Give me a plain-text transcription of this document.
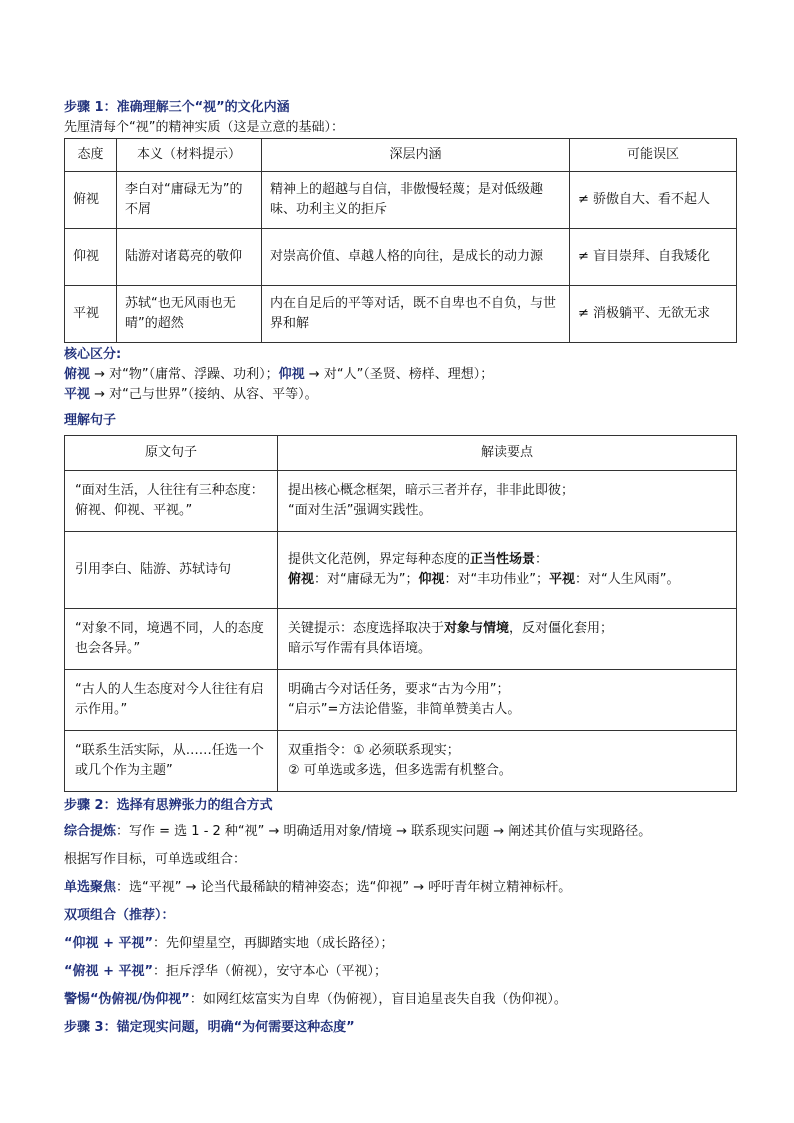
步骤 1：准确理解三个“视”的文化内涵
先厘清每个“视”的精神实质（这是立意的基础）：
态度	本义（材料提示）	深层内涵	可能误区
俯视	李白对“庸碌无为”的不屑	精神上的超越与自信，非傲慢轻蔑；是对低级趣味、功利主义的拒斥	≠ 骄傲自大、看不起人
仰视	陆游对诸葛亮的敬仰	对崇高价值、卓越人格的向往，是成长的动力源	≠ 盲目崇拜、自我矮化
平视	苏轼“也无风雨也无晴”的超然	内在自足后的平等对话，既不自卑也不自负，与世界和解	≠ 消极躺平、无欲无求
核心区分:
俯视 → 对“物”（庸常、浮躁、功利）；仰视 → 对“人”（圣贤、榜样、理想）；
平视 → 对“己与世界”（接纳、从容、平等）。
理解句子
原文句子	解读要点
“面对生活，人往往有三种态度：俯视、仰视、平视。”	提出核心概念框架，暗示三者并存，非非此即彼；
“面对生活”强调实践性。

引用李白、陆游、苏轼诗句	提供文化范例，界定每种态度的正当性场景：
俯视：对“庸碌无为”；仰视：对“丰功伟业”；平视：对“人生风雨”。

“对象不同，境遇不同，人的态度也会各异。”	关键提示：态度选择取决于对象与情境，反对僵化套用；
暗示写作需有具体语境。

“古人的人生态度对今人往往有启示作用。”	明确古今对话任务，要求“古为今用”；
“启示”=方法论借鉴，非简单赞美古人。

“联系生活实际，从……任选一个或几个作为主题”	双重指令：① 必须联系现实；
② 可单选或多选，但多选需有机整合。
步骤 2：选择有思辨张力的组合方式
综合提炼：写作 = 选 1 - 2 种“视” → 明确适用对象/情境 → 联系现实问题 → 阐述其价值与实现路径。
根据写作目标，可单选或组合：
单选聚焦：选“平视” → 论当代最稀缺的精神姿态；选“仰视” → 呼吁青年树立精神标杆。
双项组合（推荐）：
“仰视 + 平视”：先仰望星空，再脚踏实地（成长路径）；
“俯视 + 平视”：拒斥浮华（俯视），安守本心（平视）；
警惕“伪俯视/伪仰视”：如网红炫富实为自卑（伪俯视），盲目追星丧失自我（伪仰视）。
步骤 3：锚定现实问题，明确“为何需要这种态度”
